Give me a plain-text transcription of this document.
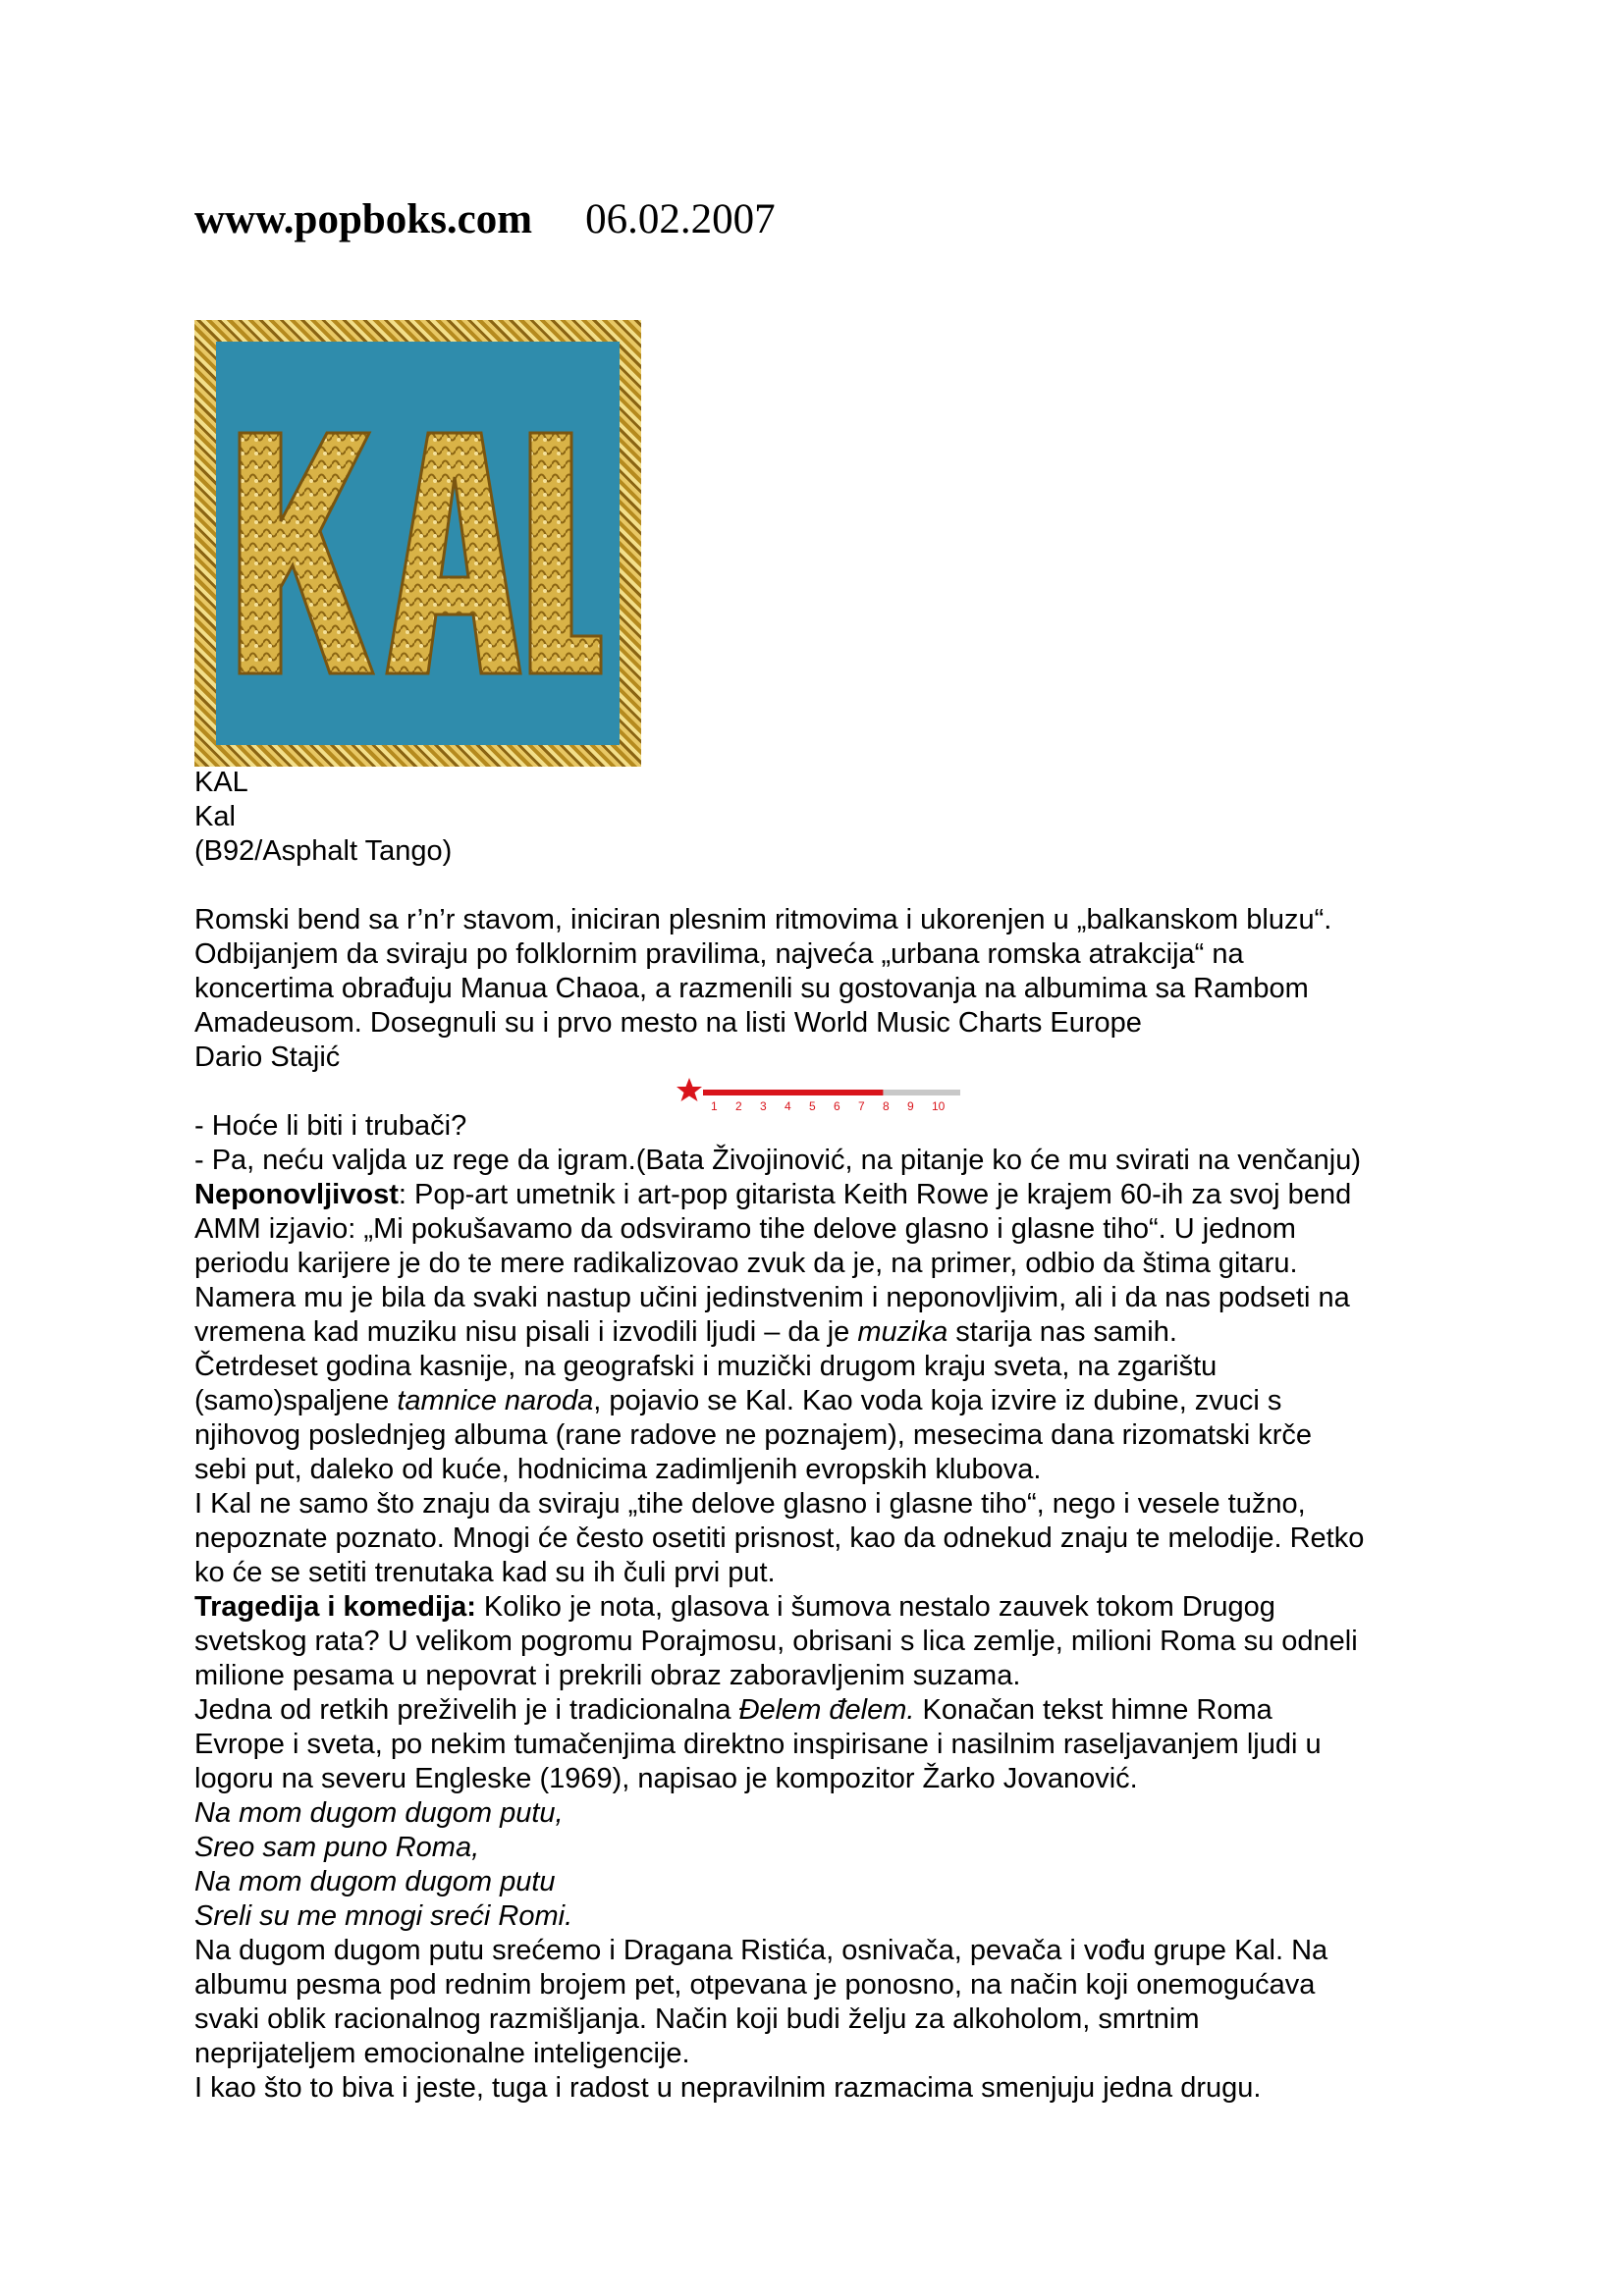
www.popboks.com 06.02.2007

KAL

Kal

(B92/Asphalt Tango)

Romski bend sa r’n’r stavom, iniciran plesnim ritmovima i ukorenjen u „balkanskom bluzu“.

Odbijanjem da sviraju po folklornim pravilima, najveća „urbana romska atrakcija“ na

koncertima obrađuju Manua Chaoa, a razmenili su gostovanja na albumima sa Rambom

Amadeusom. Dosegnuli su i prvo mesto na listi World Music Charts Europe

Dario Stajić

- Hoće li biti i trubači?

- Pa, neću valjda uz rege da igram.(Bata Živojinović, na pitanje ko će mu svirati na venčanju)

Neponovljivost: Pop-art umetnik i art-pop gitarista Keith Rowe je krajem 60-ih za svoj bend

AMM izjavio: „Mi pokušavamo da odsviramo tihe delove glasno i glasne tiho“. U jednom

periodu karijere je do te mere radikalizovao zvuk da je, na primer, odbio da štima gitaru.

Namera mu je bila da svaki nastup učini jedinstvenim i neponovljivim, ali i da nas podseti na

vremena kad muziku nisu pisali i izvodili ljudi – da je muzika starija nas samih.

Četrdeset godina kasnije, na geografski i muzički drugom kraju sveta, na zgarištu

(samo)spaljene tamnice naroda, pojavio se Kal. Kao voda koja izvire iz dubine, zvuci s

njihovog poslednjeg albuma (rane radove ne poznajem), mesecima dana rizomatski krče

sebi put, daleko od kuće, hodnicima zadimljenih evropskih klubova.

I Kal ne samo što znaju da sviraju „tihe delove glasno i glasne tiho“, nego i vesele tužno,

nepoznate poznato. Mnogi će često osetiti prisnost, kao da odnekud znaju te melodije. Retko

ko će se setiti trenutaka kad su ih čuli prvi put.

Tragedija i komedija: Koliko je nota, glasova i šumova nestalo zauvek tokom Drugog

svetskog rata? U velikom pogromu Porajmosu, obrisani s lica zemlje, milioni Roma su odneli

milione pesama u nepovrat i prekrili obraz zaboravljenim suzama.

Jedna od retkih preživelih je i tradicionalna Đelem đelem. Konačan tekst himne Roma

Evrope i sveta, po nekim tumačenjima direktno inspirisane i nasilnim raseljavanjem ljudi u

logoru na severu Engleske (1969), napisao je kompozitor Žarko Jovanović.

Na mom dugom dugom putu,

Sreo sam puno Roma,

Na mom dugom dugom putu

Sreli su me mnogi sreći Romi.

Na dugom dugom putu srećemo i Dragana Ristića, osnivača, pevača i vođu grupe Kal. Na

albumu pesma pod rednim brojem pet, otpevana je ponosno, na način koji onemogućava

svaki oblik racionalnog razmišljanja. Način koji budi želju za alkoholom, smrtnim

neprijateljem emocionalne inteligencije.

I kao što to biva i jeste, tuga i radost u nepravilnim razmacima smenjuju jedna drugu.

1 2 3 4 5 6 7 8 9 10
